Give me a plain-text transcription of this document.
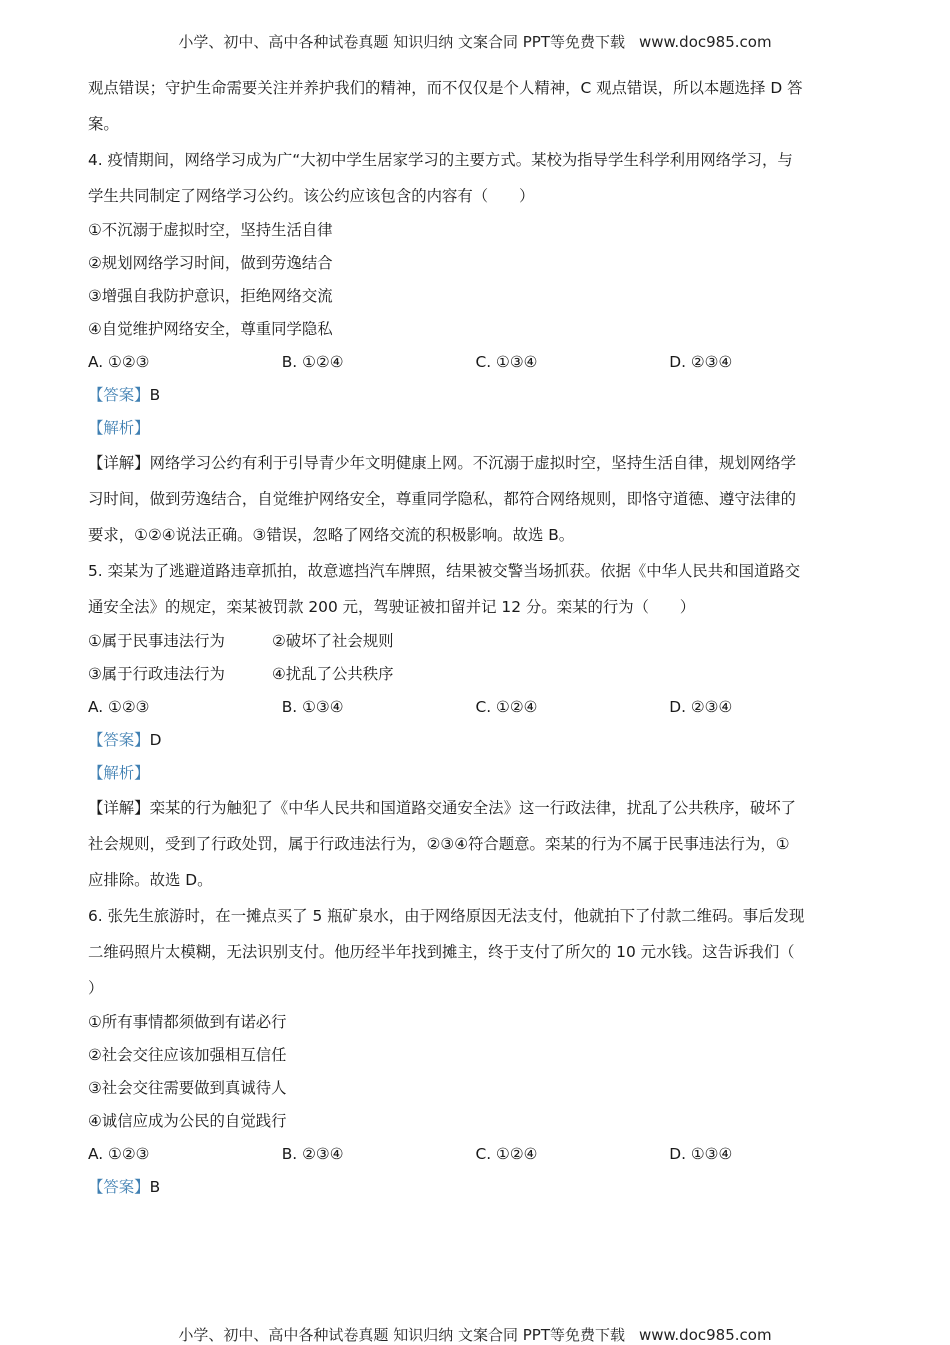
小学、初中、高中各种试卷真题 知识归纳 文案合同 PPT等免费下载 www.doc985.com
观点错误；守护生命需要关注并养护我们的精神，而不仅仅是个人精神，C 观点错误，所以本题选择 D 答
案。
4. 疫情期间，网络学习成为广“大初中学生居家学习的主要方式。某校为指导学生科学利用网络学习，与
学生共同制定了网络学习公约。该公约应该包含的内容有（　　）
①不沉溺于虚拟时空，坚持生活自律
②规划网络学习时间，做到劳逸结合
③增强自我防护意识，拒绝网络交流
④自觉维护网络安全，尊重同学隐私
A. ①②③	B. ①②④	C. ①③④	D. ②③④
【答案】B
【解析】
【详解】网络学习公约有利于引导青少年文明健康上网。不沉溺于虚拟时空，坚持生活自律，规划网络学
习时间，做到劳逸结合，自觉维护网络安全，尊重同学隐私，都符合网络规则，即恪守道德、遵守法律的
要求，①②④说法正确。③错误，忽略了网络交流的积极影响。故选 B。
5. 栾某为了逃避道路违章抓拍，故意遮挡汽车牌照，结果被交警当场抓获。依据《中华人民共和国道路交
通安全法》的规定，栾某被罚款 200 元，驾驶证被扣留并记 12 分。栾某的行为（　　）
①属于民事违法行为	②破坏了社会规则
③属于行政违法行为	④扰乱了公共秩序
A. ①②③	B. ①③④	C. ①②④	D. ②③④
【答案】D
【解析】
【详解】栾某的行为触犯了《中华人民共和国道路交通安全法》这一行政法律，扰乱了公共秩序，破坏了
社会规则，受到了行政处罚，属于行政违法行为，②③④符合题意。栾某的行为不属于民事违法行为，①
应排除。故选 D。
6. 张先生旅游时，在一摊点买了 5 瓶矿泉水，由于网络原因无法支付，他就拍下了付款二维码。事后发现
二维码照片太模糊，无法识别支付。他历经半年找到摊主，终于支付了所欠的 10 元水钱。这告诉我们（
）
①所有事情都须做到有诺必行
②社会交往应该加强相互信任
③社会交往需要做到真诚待人
④诚信应成为公民的自觉践行
A. ①②③	B. ②③④	C. ①②④	D. ①③④
【答案】B
小学、初中、高中各种试卷真题 知识归纳 文案合同 PPT等免费下载 www.doc985.com
